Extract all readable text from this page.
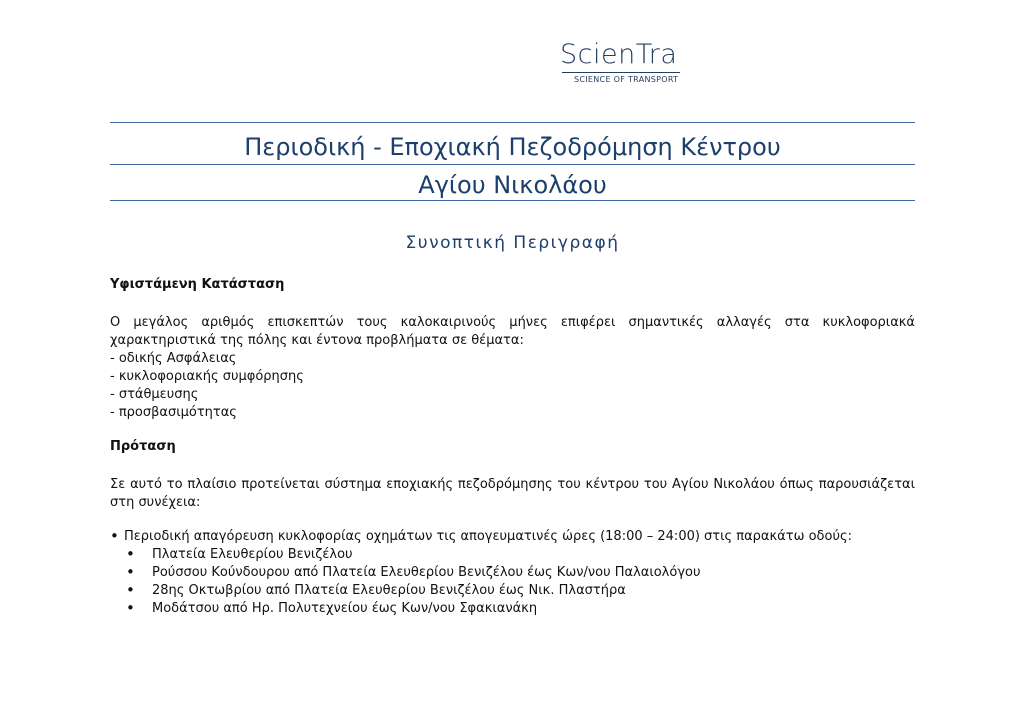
ScienTra
SCIENCE OF TRANSPORT
Περιοδική - Εποχιακή Πεζοδρόμηση Κέντρου
Αγίου Νικολάου
Συνοπτική Περιγραφή

Υφιστάμενη Κατάσταση

Ο μεγάλος αριθμός επισκεπτών τους καλοκαιρινούς μήνες επιφέρει σημαντικές αλλαγές στα κυκλοφοριακά χαρακτηριστικά της πόλης και έντονα προβλήματα σε θέματα:

- οδικής Ασφάλειας
- κυκλοφοριακής συμφόρησης
- στάθμευσης
- προσβασιμότητας

Πρόταση

Σε αυτό το πλαίσιο προτείνεται σύστημα εποχιακής πεζοδρόμησης του κέντρου του Αγίου Νικολάου όπως παρουσιάζεται στη συνέχεια:

• Περιοδική απαγόρευση κυκλοφορίας οχημάτων τις απογευματινές ώρες (18:00 – 24:00) στις παρακάτω οδούς:
• Πλατεία Ελευθερίου Βενιζέλου
• Ρούσσου Κούνδουρου από Πλατεία Ελευθερίου Βενιζέλου έως Κων/νου Παλαιολόγου
• 28ης Οκτωβρίου από Πλατεία Ελευθερίου Βενιζέλου έως Νικ. Πλαστήρα
• Μοδάτσου από Ηρ. Πολυτεχνείου έως Κων/νου Σφακιανάκη
